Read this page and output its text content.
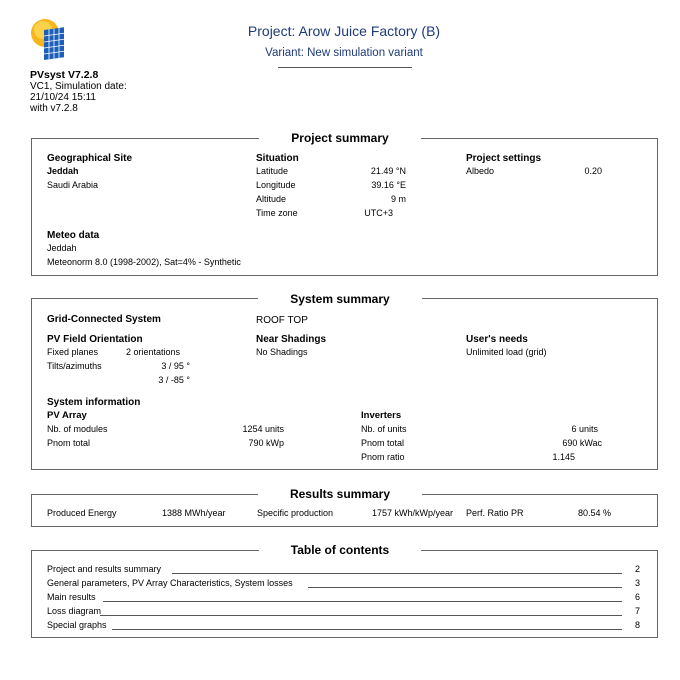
PVsyst V7.2.8
VC1, Simulation date:
21/10/24 15:11
with v7.2.8
Project: Arow Juice Factory (B)
Variant: New simulation variant
Project summary
Geographical Site
Jeddah
Saudi Arabia
Situation
Latitude	21.49 °N
Longitude	39.16 °E
Altitude	9 m
Time zone	UTC+3
Project settings
Albedo	0.20
Meteo data
Jeddah
Meteonorm 8.0 (1998-2002), Sat=4% - Synthetic
System summary
Grid-Connected System	ROOF TOP
PV Field Orientation
Fixed planes	2 orientations
Tilts/azimuths	3 / 95 °
3 / -85 °
Near Shadings
No Shadings
User's needs
Unlimited load (grid)
System information
PV Array
Nb. of modules	1254 units
Pnom total	790 kWp
Inverters
Nb. of units	6 units
Pnom total	690 kWac
Pnom ratio	1.145
Results summary
Produced Energy	1388 MWh/year	Specific production	1757 kWh/kWp/year Perf. Ratio PR	80.54 %
Table of contents
Project and results summary	2
General parameters, PV Array Characteristics, System losses	3
Main results	6
Loss diagram	7
Special graphs	8
